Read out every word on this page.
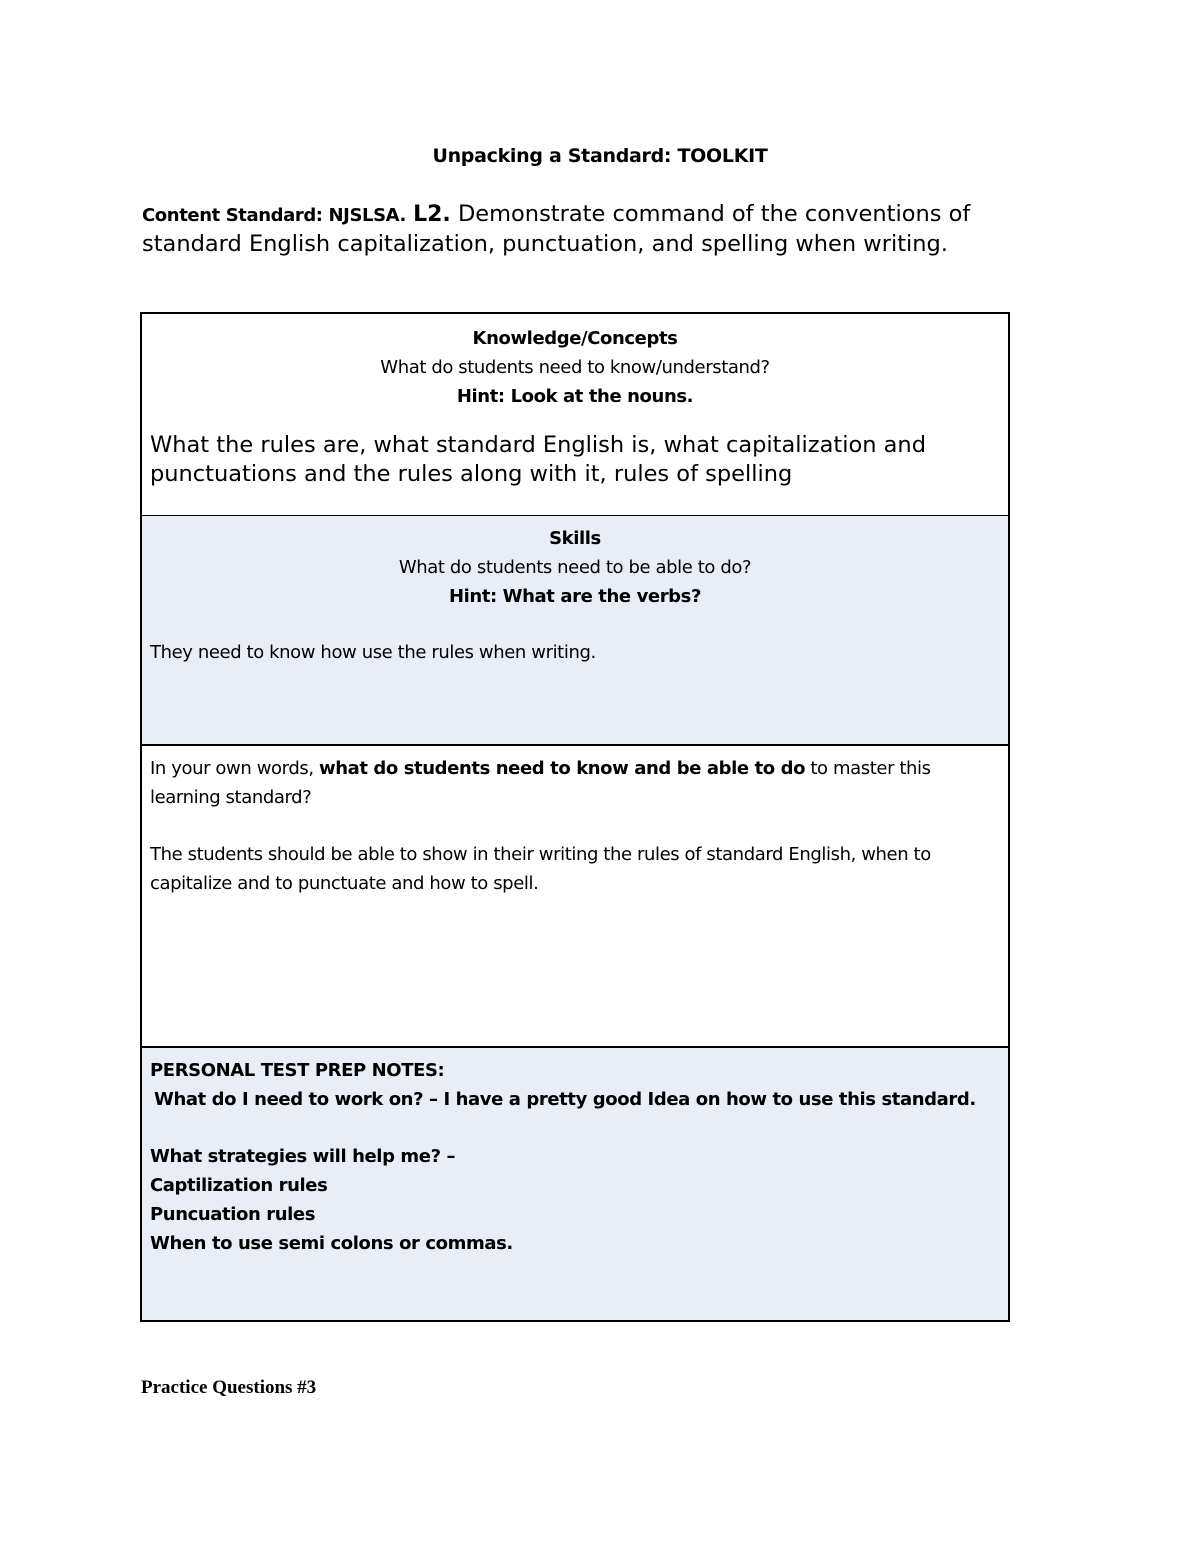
Unpacking a Standard: TOOLKIT
Content Standard: NJSLSA. L2. Demonstrate command of the conventions of standard English capitalization, punctuation, and spelling when writing.
Knowledge/Concepts
What do students need to know/understand?
Hint: Look at the nouns.
What the rules are, what standard English is, what capitalization and punctuations and the rules along with it, rules of spelling
Skills
What do students need to be able to do?
Hint: What are the verbs?
They need to know how use the rules when writing.
In your own words, what do students need to know and be able to do to master this learning standard?
The students should be able to show in their writing the rules of standard English, when to capitalize and to punctuate and how to spell.
PERSONAL TEST PREP NOTES:
What do I need to work on? – I have a pretty good Idea on how to use this standard.
What strategies will help me? –
Captilization rules
Puncuation rules
When to use semi colons or commas.
Practice Questions #3
